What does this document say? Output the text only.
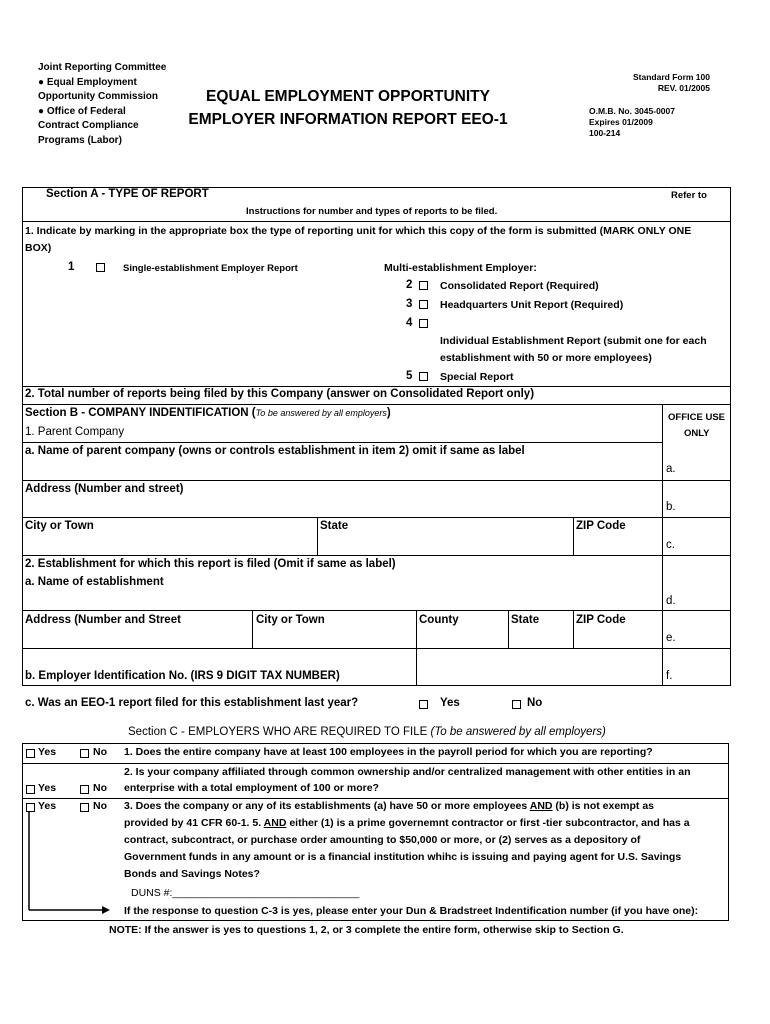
Joint Reporting Committee
● Equal Employment
Opportunity Commission
● Office of Federal
Contract Compliance
Programs (Labor)
EQUAL EMPLOYMENT OPPORTUNITY
EMPLOYER INFORMATION REPORT EEO-1
Standard Form 100
REV. 01/2005
O.M.B. No. 3045-0007
Expires 01/2009
100-214
Section A - TYPE OF REPORT	Refer to
Instructions for number and types of reports to be filed.
1. Indicate by marking in the appropriate box the type of reporting unit for which this copy of the form is submitted (MARK ONLY ONE
BOX)
1	Single-establishment Employer Report	Multi-establishment Employer:
2	Consolidated Report (Required)
3	Headquarters Unit Report (Required)
4
Individual Establishment Report (submit one for each
establishment with 50 or more employees)
5	Special Report
2. Total number of reports being filed by this Company (answer on Consolidated Report only)
Section B - COMPANY INDENTIFICATION (To be answered by all employers)	OFFICE USE
ONLY
1. Parent Company
a. Name of parent company (owns or controls establishment in item 2) omit if same as label
a.
Address (Number and street)
b.
City or Town	State	ZIP Code
c.
2. Establishment for which this report is filed (Omit if same as label)
a. Name of establishment
d.
Address (Number and Street	City or Town	County	State	ZIP Code
e.
b. Employer Identification No. (IRS 9 DIGIT TAX NUMBER)	f.
c. Was an EEO-1 report filed for this establishment last year?	Yes	No
Section C - EMPLOYERS WHO ARE REQUIRED TO FILE (To be answered by all employers)
Yes	No 1. Does the entire company have at least 100 employees in the payroll period for which you are reporting?
2. Is your company affiliated through common ownership and/or centralized management with other entities in an
Yes	No enterprise with a total employment of 100 or more?
Yes	No 3. Does the company or any of its establishments (a) have 50 or more employees AND (b) is not exempt as
provided by 41 CFR 60-1. 5. AND either (1) is a prime governemnt contractor or first -tier subcontractor, and has a
contract, subcontract, or purchase order amounting to $50,000 or more, or (2) serves as a depository of
Government funds in any amount or is a financial institution whihc is issuing and paying agent for U.S. Savings
Bonds and Savings Notes?
DUNS #:________________________________
If the response to question C-3 is yes, please enter your Dun & Bradstreet Indentification number (if you have one):
NOTE: If the answer is yes to questions 1, 2, or 3 complete the entire form, otherwise skip to Section G.
